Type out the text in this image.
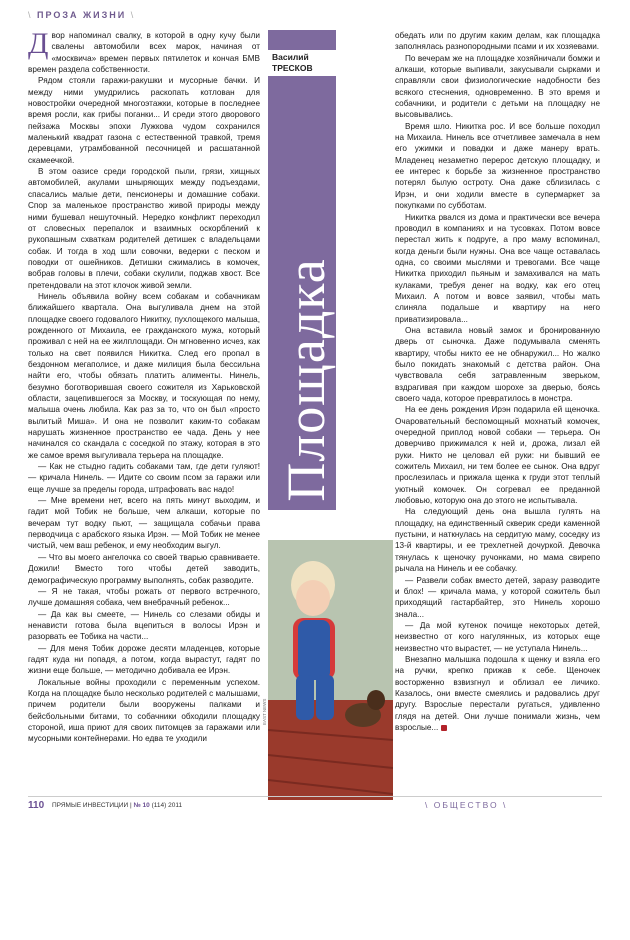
\ ПРОЗА ЖИЗНИ \
Василий ТРЕСКОВ
Площадка
EAST NEWS

Двор напоминал свалку, в которой в одну кучу были свалены автомобили всех марок, начиная от «москвича» времен первых пятилеток и кончая БМВ времен раздела собственности.

Рядом стояли гаражи-ракушки и мусорные бачки. И между ними умудрились раскопать котлован для новостройки очередной многоэтажки, которые в последнее время росли, как грибы поганки... И среди этого дворового пейзажа Москвы эпохи Лужкова чудом сохранился маленький квадрат газона с естественной травкой, тремя деревцами, утрамбованной песочницей и расшатанной скамеечкой.

В этом оазисе среди городской пыли, грязи, хищных автомобилей, акулами шныряющих между подъездами, спасались малые дети, пенсионеры и домашние собаки. Спор за маленькое пространство живой природы между ними бушевал нешуточный. Нередко конфликт переходил от словесных перепалок и взаимных оскорблений к рукопашным схваткам родителей детишек с владельцами собак. И тогда в ход шли совочки, ведерки с песком и поводки от ошейников. Детишки сжимались в комочек, вобрав головы в плечи, собаки скулили, поджав хвост. Все претендовали на этот клочок живой земли.

Нинель объявила войну всем собакам и собачникам ближайшего квартала. Она выгуливала днем на этой площадке своего годовалого Никитку, пухлощекого малыша, рожденного от Михаила, ее гражданского мужа, который проживал с ней на ее жилплощади. Он мгновенно исчез, как только на свет появился Никитка. След его пропал в бездонном мегаполисе, и даже милиция была бессильна найти его, чтобы обязать платить алименты. Нинель, безумно боготворившая своего сожителя из Харьковской области, зацепившегося за Москву, и тоскующая по нему, малыша очень любила. Как раз за то, что он был «просто вылитый Миша». И она не позволит каким-то собакам нарушать жизненное пространство ее чада. День у нее начинался со скандала с соседкой по этажу, которая в это же самое время выгуливала терьера на площадке.

— Как не стыдно гадить собаками там, где дети гуляют! — кричала Нинель. — Идите со своим псом за гаражи или еще лучше за пределы города, штрафовать вас надо!

— Мне времени нет, всего на пять минут выходим, и гадит мой Тобик не больше, чем алкаши, которые по вечерам тут водку пьют, — защищала собачьи права перводчица с арабского языка Ирэн. — Мой Тобик не менее чистый, чем ваш ребенок, и ему необходим выгул.

— Что вы моего ангелочка со своей тварью сравниваете. Дожили! Вместо того чтобы детей заводить, демографическую программу выполнять, собак разводите.

— Я не такая, чтобы рожать от первого встречного, лучше домашняя собака, чем внебрачный ребенок...

— Да как вы смеете, — Нинель со слезами обиды и ненависти готова была вцепиться в волосы Ирэн и разорвать ее Тобика на части...

— Для меня Тобик дороже десяти младенцев, которые гадят куда ни попадя, а потом, когда вырастут, гадят по жизни еще больше, — методично добивала ее Ирэн.

Локальные войны проходили с переменным успехом. Когда на площадке было несколько родителей с малышами, причем родители были вооружены палками и бейсбольными битами, то собачники обходили площадку стороной, иша приют для своих питомцев за гаражами или мусорными контейнерами. Но едва те уходили

обедать или по другим каким делам, как площадка заполнялась разнопородными псами и их хозяевами.

По вечерам же на площадке хозяйничали бомжи и алкаши, которые выпивали, закусывали сырками и справляли свои физиологические надобности без всякого стеснения, одновременно. В это время и собачники, и родители с детьми на площадку не высовывались.

Время шло. Никитка рос. И все больше походил на Михаила. Нинель все отчетливее замечала в нем его ужимки и повадки и даже манеру врать. Младенец незаметно перерос детскую площадку, и ее интерес к борьбе за жизненное пространство потерял былую остроту. Она даже сблизилась с Ирэн, и они ходили вместе в супермаркет за покупками по субботам.

Никитка рвался из дома и практически все вечера проводил в компаниях и на тусовках. Потом вовсе перестал жить к подруге, а про маму вспоминал, когда деньги были нужны. Она все чаще оставалась одна, со своими мыслями и тревогами. Все чаще Никитка приходил пьяным и замахивался на мать кулаками, требуя денег на водку, как его отец Михаил. А потом и вовсе заявил, чтобы мать слиняла подальше и квартиру на него приватизировала...

Она вставила новый замок и бронированную дверь от сыночка. Даже подумывала сменять квартиру, чтобы никто ее не обнаружил... Но жалко было покидать знакомый с детства район. Она чувствовала себя затравленным зверьком, вздрагивая при каждом шорохе за дверью, боясь своего чада, которое превратилось в монстра.

На ее день рождения Ирэн подарила ей щеночка. Очаровательный беспомощный мохнатый комочек, очередной приплод новой собаки — терьера. Он доверчиво прижимался к ней и, дрожа, лизал ей руки. Никто не целовал ей руки: ни бывший ее сожитель Михаил, ни тем более ее сынок. Она вдруг прослезилась и прижала щенка к груди этот теплый уютный комочек. Он согревал ее преданной любовью, которую она до этого не испытывала.

На следующий день она вышла гулять на площадку, на единственный скверик среди каменной пустыни, и наткнулась на сердитую маму, соседку из 13-й квартиры, и ее трехлетней дочуркой. Девочка тянулась к щеночку ручонками, но мама свирепо рычала на Нинель и ее собачку.

— Развели собак вместо детей, заразу разводите и блох! — кричала мама, у которой сожитель был приходящий гастарбайтер, это Нинель хорошо знала...

— Да мой кутенок почище некоторых детей, неизвестно от кого нагулянных, из которых еще неизвестно что вырастет, — не уступала Нинель...

Внезапно малышка подошла к щенку и взяла его на ручки, крепко прижав к себе. Щеночек восторженно взвизгнул и облизал ее личико. Казалось, они вместе смеялись и радовались друг другу. Взрослые перестали ругаться, удивленно глядя на детей. Они лучше понимали жизнь, чем взрослые...

110 ПРЯМЫЕ ИНВЕСТИЦИИ | № 10 (114) 2011	\ ОБЩЕСТВО \
